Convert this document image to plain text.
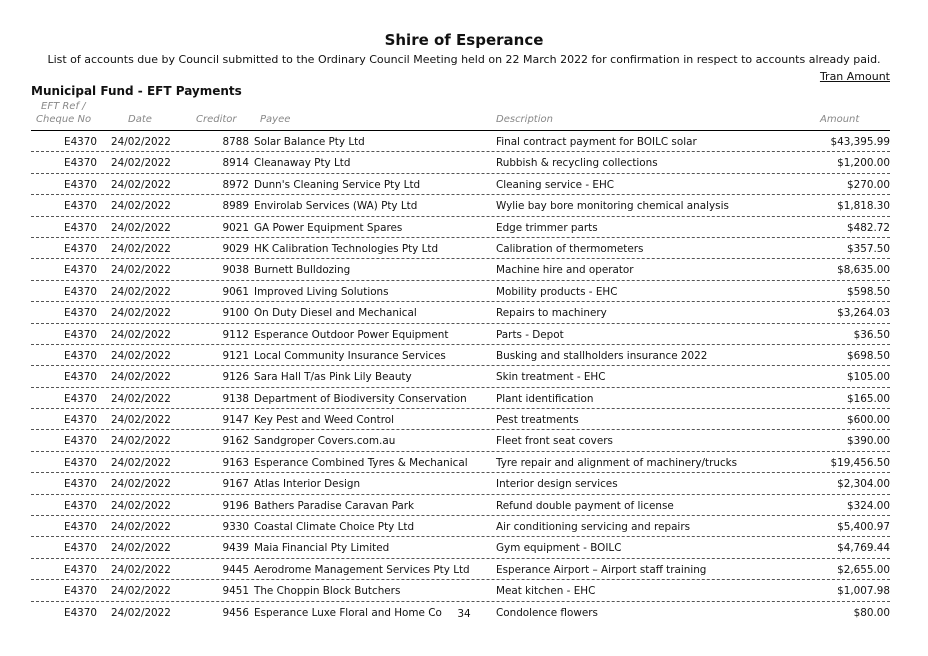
Shire of Esperance
List of accounts due by Council submitted to the Ordinary Council Meeting held on 22 March 2022 for confirmation in respect to accounts already paid.
Tran Amount
Municipal Fund - EFT Payments
EFT Ref /
Cheque No	Date	Creditor Payee	Description	Amount
E4370 24/02/2022	8788 Solar Balance Pty Ltd	Final contract payment for BOILC solar	$43,395.99
E4370 24/02/2022	8914 Cleanaway Pty Ltd	Rubbish & recycling collections	$1,200.00
E4370 24/02/2022	8972 Dunn's Cleaning Service Pty Ltd	Cleaning service - EHC	$270.00
E4370 24/02/2022	8989 Envirolab Services (WA) Pty Ltd	Wylie bay bore monitoring chemical analysis	$1,818.30
E4370 24/02/2022	9021 GA Power Equipment Spares	Edge trimmer parts	$482.72
E4370 24/02/2022	9029 HK Calibration Technologies Pty Ltd	Calibration of thermometers	$357.50
E4370 24/02/2022	9038 Burnett Bulldozing	Machine hire and operator	$8,635.00
E4370 24/02/2022	9061 Improved Living Solutions	Mobility products - EHC	$598.50
E4370 24/02/2022	9100 On Duty Diesel and Mechanical	Repairs to machinery	$3,264.03
E4370 24/02/2022	9112 Esperance Outdoor Power Equipment	Parts - Depot	$36.50
E4370 24/02/2022	9121 Local Community Insurance Services	Busking and stallholders insurance 2022	$698.50
E4370 24/02/2022	9126 Sara Hall T/as Pink Lily Beauty	Skin treatment - EHC	$105.00
E4370 24/02/2022	9138 Department of Biodiversity Conservation	Plant identification	$165.00
E4370 24/02/2022	9147 Key Pest and Weed Control	Pest treatments	$600.00
E4370 24/02/2022	9162 Sandgroper Covers.com.au	Fleet front seat covers	$390.00
E4370 24/02/2022	9163 Esperance Combined Tyres & Mechanical	Tyre repair and alignment of machinery/trucks	$19,456.50
E4370 24/02/2022	9167 Atlas Interior Design	Interior design services	$2,304.00
E4370 24/02/2022	9196 Bathers Paradise Caravan Park	Refund double payment of license	$324.00
E4370 24/02/2022	9330 Coastal Climate Choice Pty Ltd	Air conditioning servicing and repairs	$5,400.97
E4370 24/02/2022	9439 Maia Financial Pty Limited	Gym equipment - BOILC	$4,769.44
E4370 24/02/2022	9445 Aerodrome Management Services Pty Ltd	Esperance Airport – Airport staff training	$2,655.00
E4370 24/02/2022	9451 The Choppin Block Butchers	Meat kitchen - EHC	$1,007.98
E4370 24/02/2022	9456 Esperance Luxe Floral and Home Co	Condolence flowers	$80.00
34
